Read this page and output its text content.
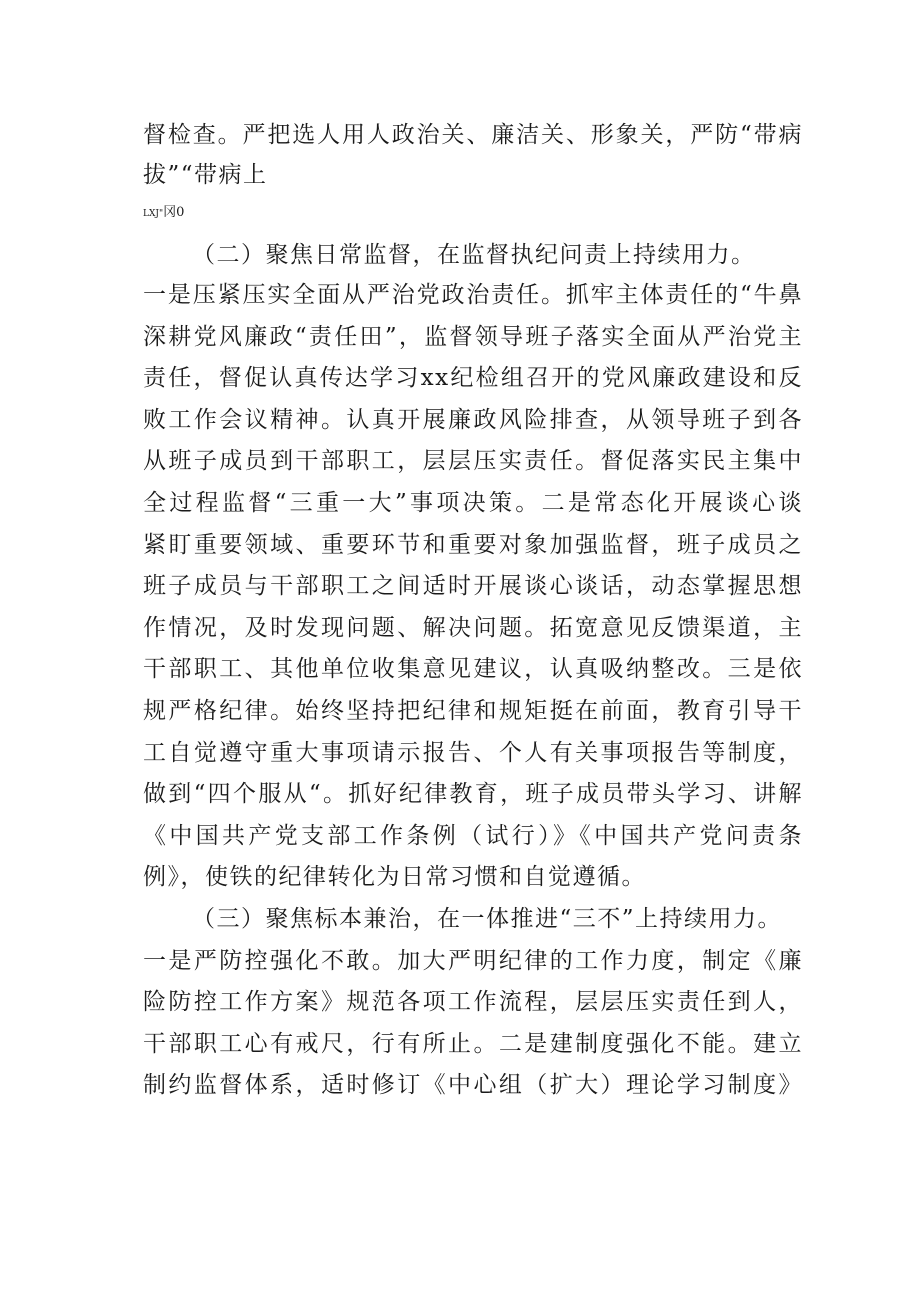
督检查。严把选人用人政治关、廉洁关、形象关，严防“带病
拔”“带病上
LXJ"冈0
（二）聚焦日常监督，在监督执纪问责上持续用力。
一是压紧压实全面从严治党政治责任。抓牢主体责任的“牛鼻
深耕党风廉政“责任田”，监督领导班子落实全面从严治党主
责任，督促认真传达学习xx纪检组召开的党风廉政建设和反
败工作会议精神。认真开展廉政风险排查，从领导班子到各
从班子成员到干部职工，层层压实责任。督促落实民主集中
全过程监督“三重一大”事项决策。二是常态化开展谈心谈
紧盯重要领域、重要环节和重要对象加强监督，班子成员之
班子成员与干部职工之间适时开展谈心谈话，动态掌握思想
作情况，及时发现问题、解决问题。拓宽意见反馈渠道，主
干部职工、其他单位收集意见建议，认真吸纳整改。三是依
规严格纪律。始终坚持把纪律和规矩挺在前面，教育引导干
工自觉遵守重大事项请示报告、个人有关事项报告等制度，
做到“四个服从“。抓好纪律教育，班子成员带头学习、讲解
《中国共产党支部工作条例（试行）》《中国共产党问责条
例》，使铁的纪律转化为日常习惯和自觉遵循。
（三）聚焦标本兼治，在一体推进“三不”上持续用力。
一是严防控强化不敢。加大严明纪律的工作力度，制定《廉
险防控工作方案》规范各项工作流程，层层压实责任到人，
干部职工心有戒尺，行有所止。二是建制度强化不能。建立
制约监督体系，适时修订《中心组（扩大）理论学习制度》
